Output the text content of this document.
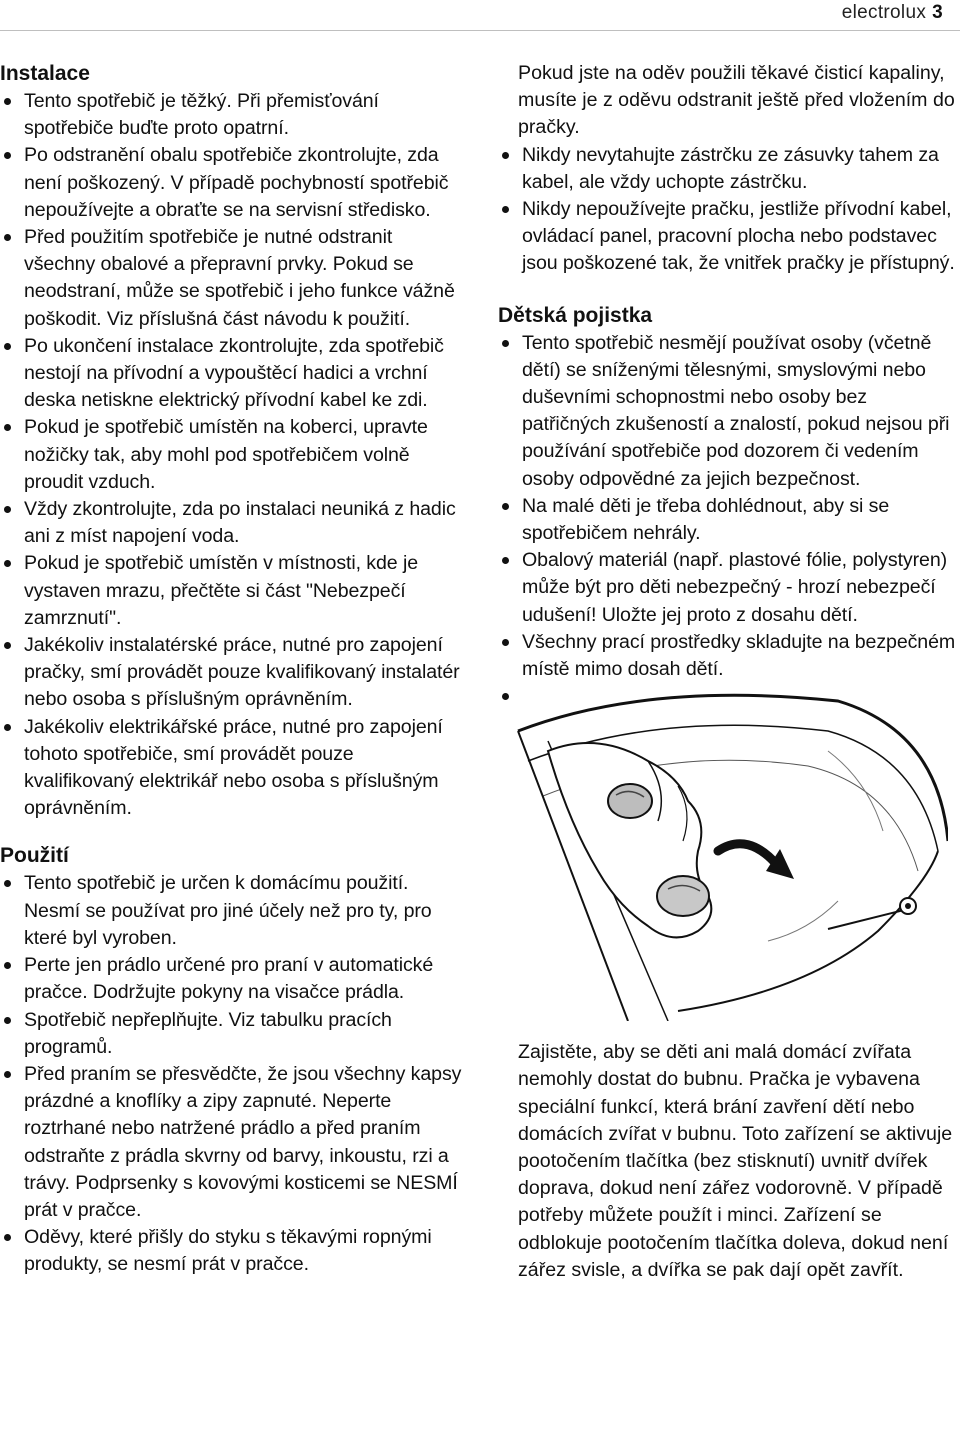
electrolux 3
Instalace
Tento spotřebič je těžký. Při přemisťování spotřebiče buďte proto opatrní.
Po odstranění obalu spotřebiče zkontrolujte, zda není poškozený. V případě pochybností spotřebič nepoužívejte a obraťte se na servisní středisko.
Před použitím spotřebiče je nutné odstranit všechny obalové a přepravní prvky. Pokud se neodstraní, může se spotřebič i jeho funkce vážně poškodit. Viz příslušná část návodu k použití.
Po ukončení instalace zkontrolujte, zda spotřebič nestojí na přívodní a vypouštěcí hadici a vrchní deska netiskne elektrický přívodní kabel ke zdi.
Pokud je spotřebič umístěn na koberci, upravte nožičky tak, aby mohl pod spotřebičem volně proudit vzduch.
Vždy zkontrolujte, zda po instalaci neuniká z hadic ani z míst napojení voda.
Pokud je spotřebič umístěn v místnosti, kde je vystaven mrazu, přečtěte si část "Nebezpečí zamrznutí".
Jakékoliv instalatérské práce, nutné pro zapojení pračky, smí provádět pouze kvalifikovaný instalatér nebo osoba s příslušným oprávněním.
Jakékoliv elektrikářské práce, nutné pro zapojení tohoto spotřebiče, smí provádět pouze kvalifikovaný elektrikář nebo osoba s příslušným oprávněním.
Použití
Tento spotřebič je určen k domácímu použití. Nesmí se používat pro jiné účely než pro ty, pro které byl vyroben.
Perte jen prádlo určené pro praní v automatické pračce. Dodržujte pokyny na visačce prádla.
Spotřebič nepřeplňujte. Viz tabulku pracích programů.
Před praním se přesvědčte, že jsou všechny kapsy prázdné a knoflíky a zipy zapnuté. Neperte roztrhané nebo natržené prádlo a před praním odstraňte z prádla skvrny od barvy, inkoustu, rzi a trávy. Podprsenky s kovovými kosticemi se NESMÍ prát v pračce.
Oděvy, které přišly do styku s těkavými ropnými produkty, se nesmí prát v pračce.

Pokud jste na oděv použili těkavé čisticí kapaliny, musíte je z oděvu odstranit ještě před vložením do pračky.

Nikdy nevytahujte zástrčku ze zásuvky tahem za kabel, ale vždy uchopte zástrčku.
Nikdy nepoužívejte pračku, jestliže přívodní kabel, ovládací panel, pracovní plocha nebo podstavec jsou poškozené tak, že vnitřek pračky je přístupný.
Dětská pojistka
Tento spotřebič nesmějí používat osoby (včetně dětí) se sníženými tělesnými, smyslovými nebo duševními schopnostmi nebo osoby bez patřičných zkušeností a znalostí, pokud nejsou při používání spotřebiče pod dozorem či vedením osoby odpovědné za jejich bezpečnost.
Na malé děti je třeba dohlédnout, aby si se spotřebičem nehrály.
Obalový materiál (např. plastové fólie, polystyren) může být pro děti nebezpečný - hrozí nebezpečí udušení! Uložte jej proto z dosahu dětí.
Všechny prací prostředky skladujte na bezpečném místě mimo dosah dětí.

Zajistěte, aby se děti ani malá domácí zvířata nemohly dostat do bubnu. Pračka je vybavena speciální funkcí, která brání zavření dětí nebo domácích zvířat v bubnu. Toto zařízení se aktivuje pootočením tlačítka (bez stisknutí) uvnitř dvířek doprava, dokud není zářez vodorovně. V případě potřeby můžete použít i minci. Zařízení se odblokuje pootočením tlačítka doleva, dokud není zářez svisle, a dvířka se pak dají opět zavřít.
